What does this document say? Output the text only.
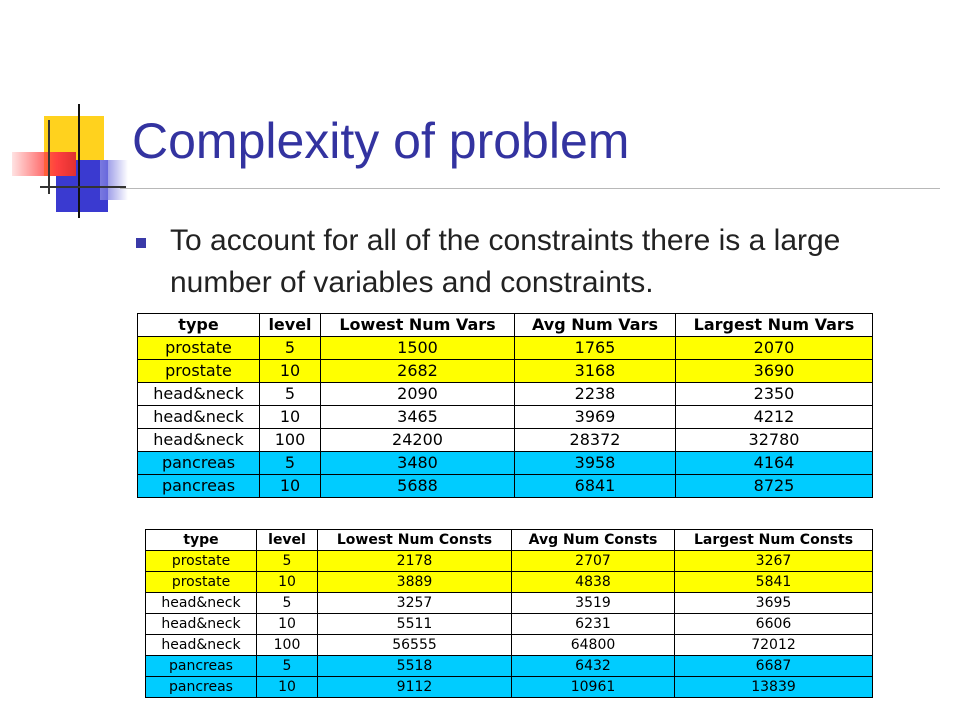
Complexity of problem

To account for all of the constraints there is a large number of variables and constraints.

type	level	Lowest Num Vars	Avg Num Vars	Largest Num Vars
prostate	5	1500	1765	2070
prostate	10	2682	3168	3690
head&neck	5	2090	2238	2350
head&neck	10	3465	3969	4212
head&neck	100	24200	28372	32780
pancreas	5	3480	3958	4164
pancreas	10	5688	6841	8725
type	level	Lowest Num Consts	Avg Num Consts	Largest Num Consts
prostate	5	2178	2707	3267
prostate	10	3889	4838	5841
head&neck	5	3257	3519	3695
head&neck	10	5511	6231	6606
head&neck	100	56555	64800	72012
pancreas	5	5518	6432	6687
pancreas	10	9112	10961	13839
